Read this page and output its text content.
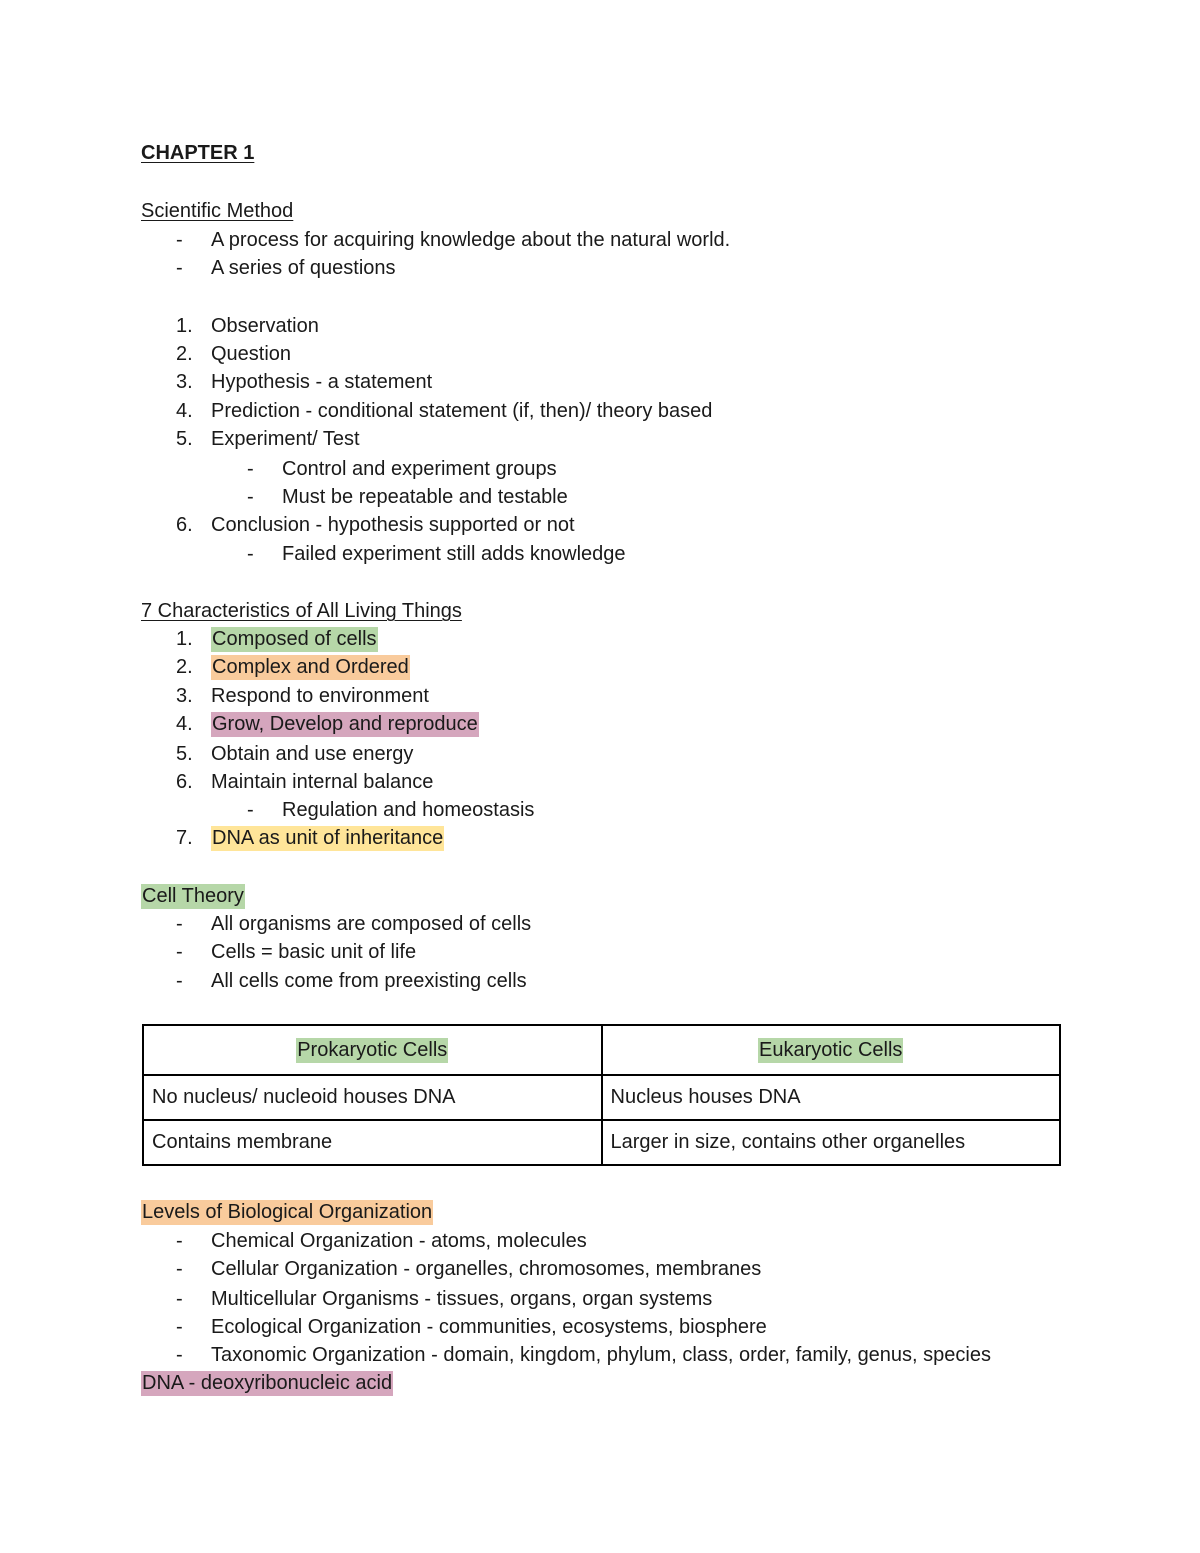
CHAPTER 1
Scientific Method
- A process for acquiring knowledge about the natural world.
- A series of questions
1. Observation
2. Question
3. Hypothesis - a statement
4. Prediction - conditional statement (if, then)/ theory based
5. Experiment/ Test
- Control and experiment groups
- Must be repeatable and testable
6. Conclusion - hypothesis supported or not
- Failed experiment still adds knowledge
7 Characteristics of All Living Things
1. Composed of cells
2. Complex and Ordered
3. Respond to environment
4. Grow, Develop and reproduce
5. Obtain and use energy
6. Maintain internal balance
- Regulation and homeostasis
7. DNA as unit of inheritance
Cell Theory
- All organisms are composed of cells
- Cells = basic unit of life
- All cells come from preexisting cells
Prokaryotic Cells	Eukaryotic Cells
No nucleus/ nucleoid houses DNA	Nucleus houses DNA
Contains membrane	Larger in size, contains other organelles
Levels of Biological Organization
- Chemical Organization - atoms, molecules
- Cellular Organization - organelles, chromosomes, membranes
- Multicellular Organisms - tissues, organs, organ systems
- Ecological Organization - communities, ecosystems, biosphere
- Taxonomic Organization - domain, kingdom, phylum, class, order, family, genus, species
DNA - deoxyribonucleic acid
